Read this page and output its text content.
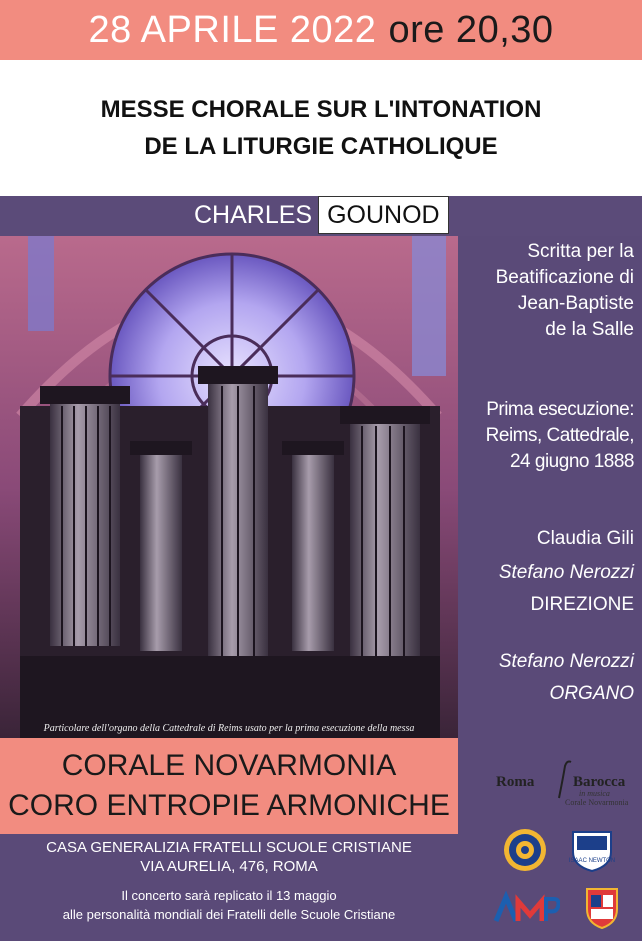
28 APRILE 2022 ore 20,30
MESSE CHORALE SUR L'INTONATION
DE LA LITURGIE CATHOLIQUE
CHARLES GOUNOD
Particolare dell'organo della Cattedrale di Reims usato per la prima esecuzione della messa
Scritta per la
Beatificazione di
Jean-Baptiste
de la Salle
Prima esecuzione:
Reims, Cattedrale,
24 giugno 1888
Claudia Gili
Stefano Nerozzi
DIREZIONE
Stefano Nerozzi
ORGANO
CORALE NOVARMONIA
CORO ENTROPIE ARMONICHE
CASA GENERALIZIA FRATELLI SCUOLE CRISTIANE
VIA AURELIA, 476, ROMA
Il concerto sarà replicato il 13 maggio
alle personalità mondiali dei Fratelli delle Scuole Cristiane
Roma	Barocca
in musica
Corale Novarmonia
ISAAC NEWTON
